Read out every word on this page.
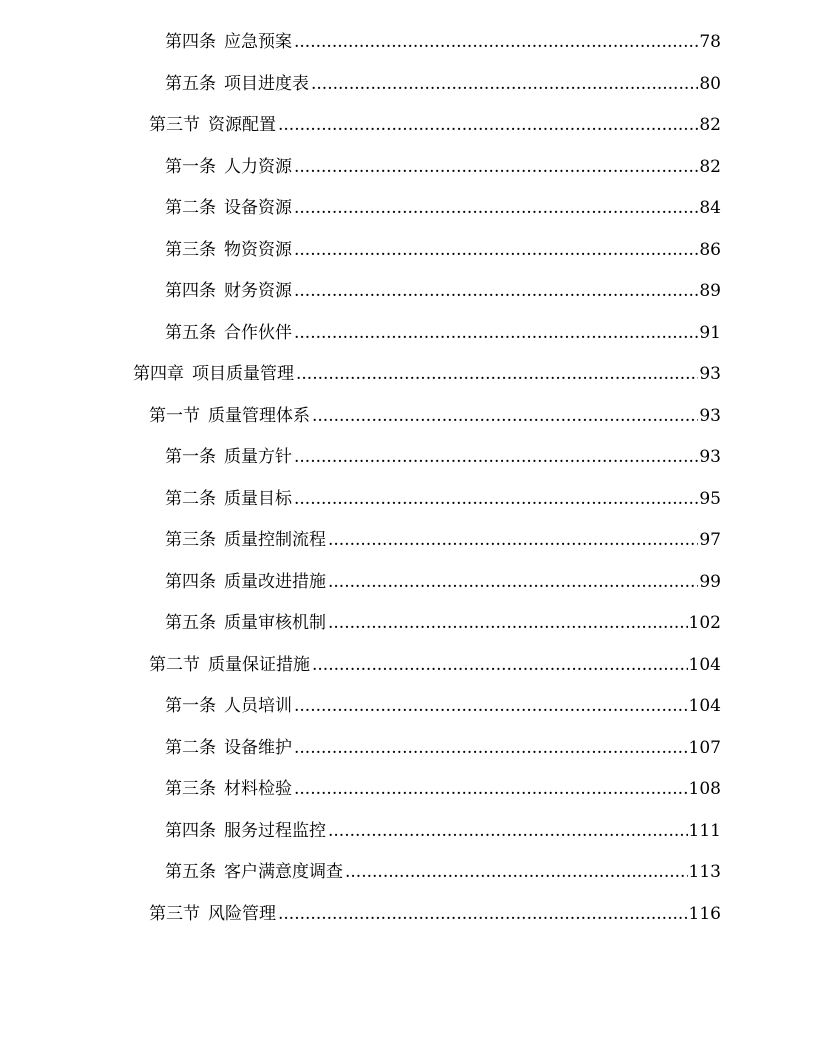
第四条 应急预案 .....	78
第五条 项目进度表 .....	80
第三节 资源配置 .....	82
第一条 人力资源 .....	82
第二条 设备资源 .....	84
第三条 物资资源 .....	86
第四条 财务资源 .....	89
第五条 合作伙伴 .....	91
第四章 项目质量管理 .....	93
第一节 质量管理体系 .....	93
第一条 质量方针 .....	93
第二条 质量目标 .....	95
第三条 质量控制流程 .....	97
第四条 质量改进措施 .....	99
第五条 质量审核机制 .....	102
第二节 质量保证措施 .....	104
第一条 人员培训 .....	104
第二条 设备维护 .....	107
第三条 材料检验 .....	108
第四条 服务过程监控 .....	111
第五条 客户满意度调查 .....	113
第三节 风险管理 .....	116
